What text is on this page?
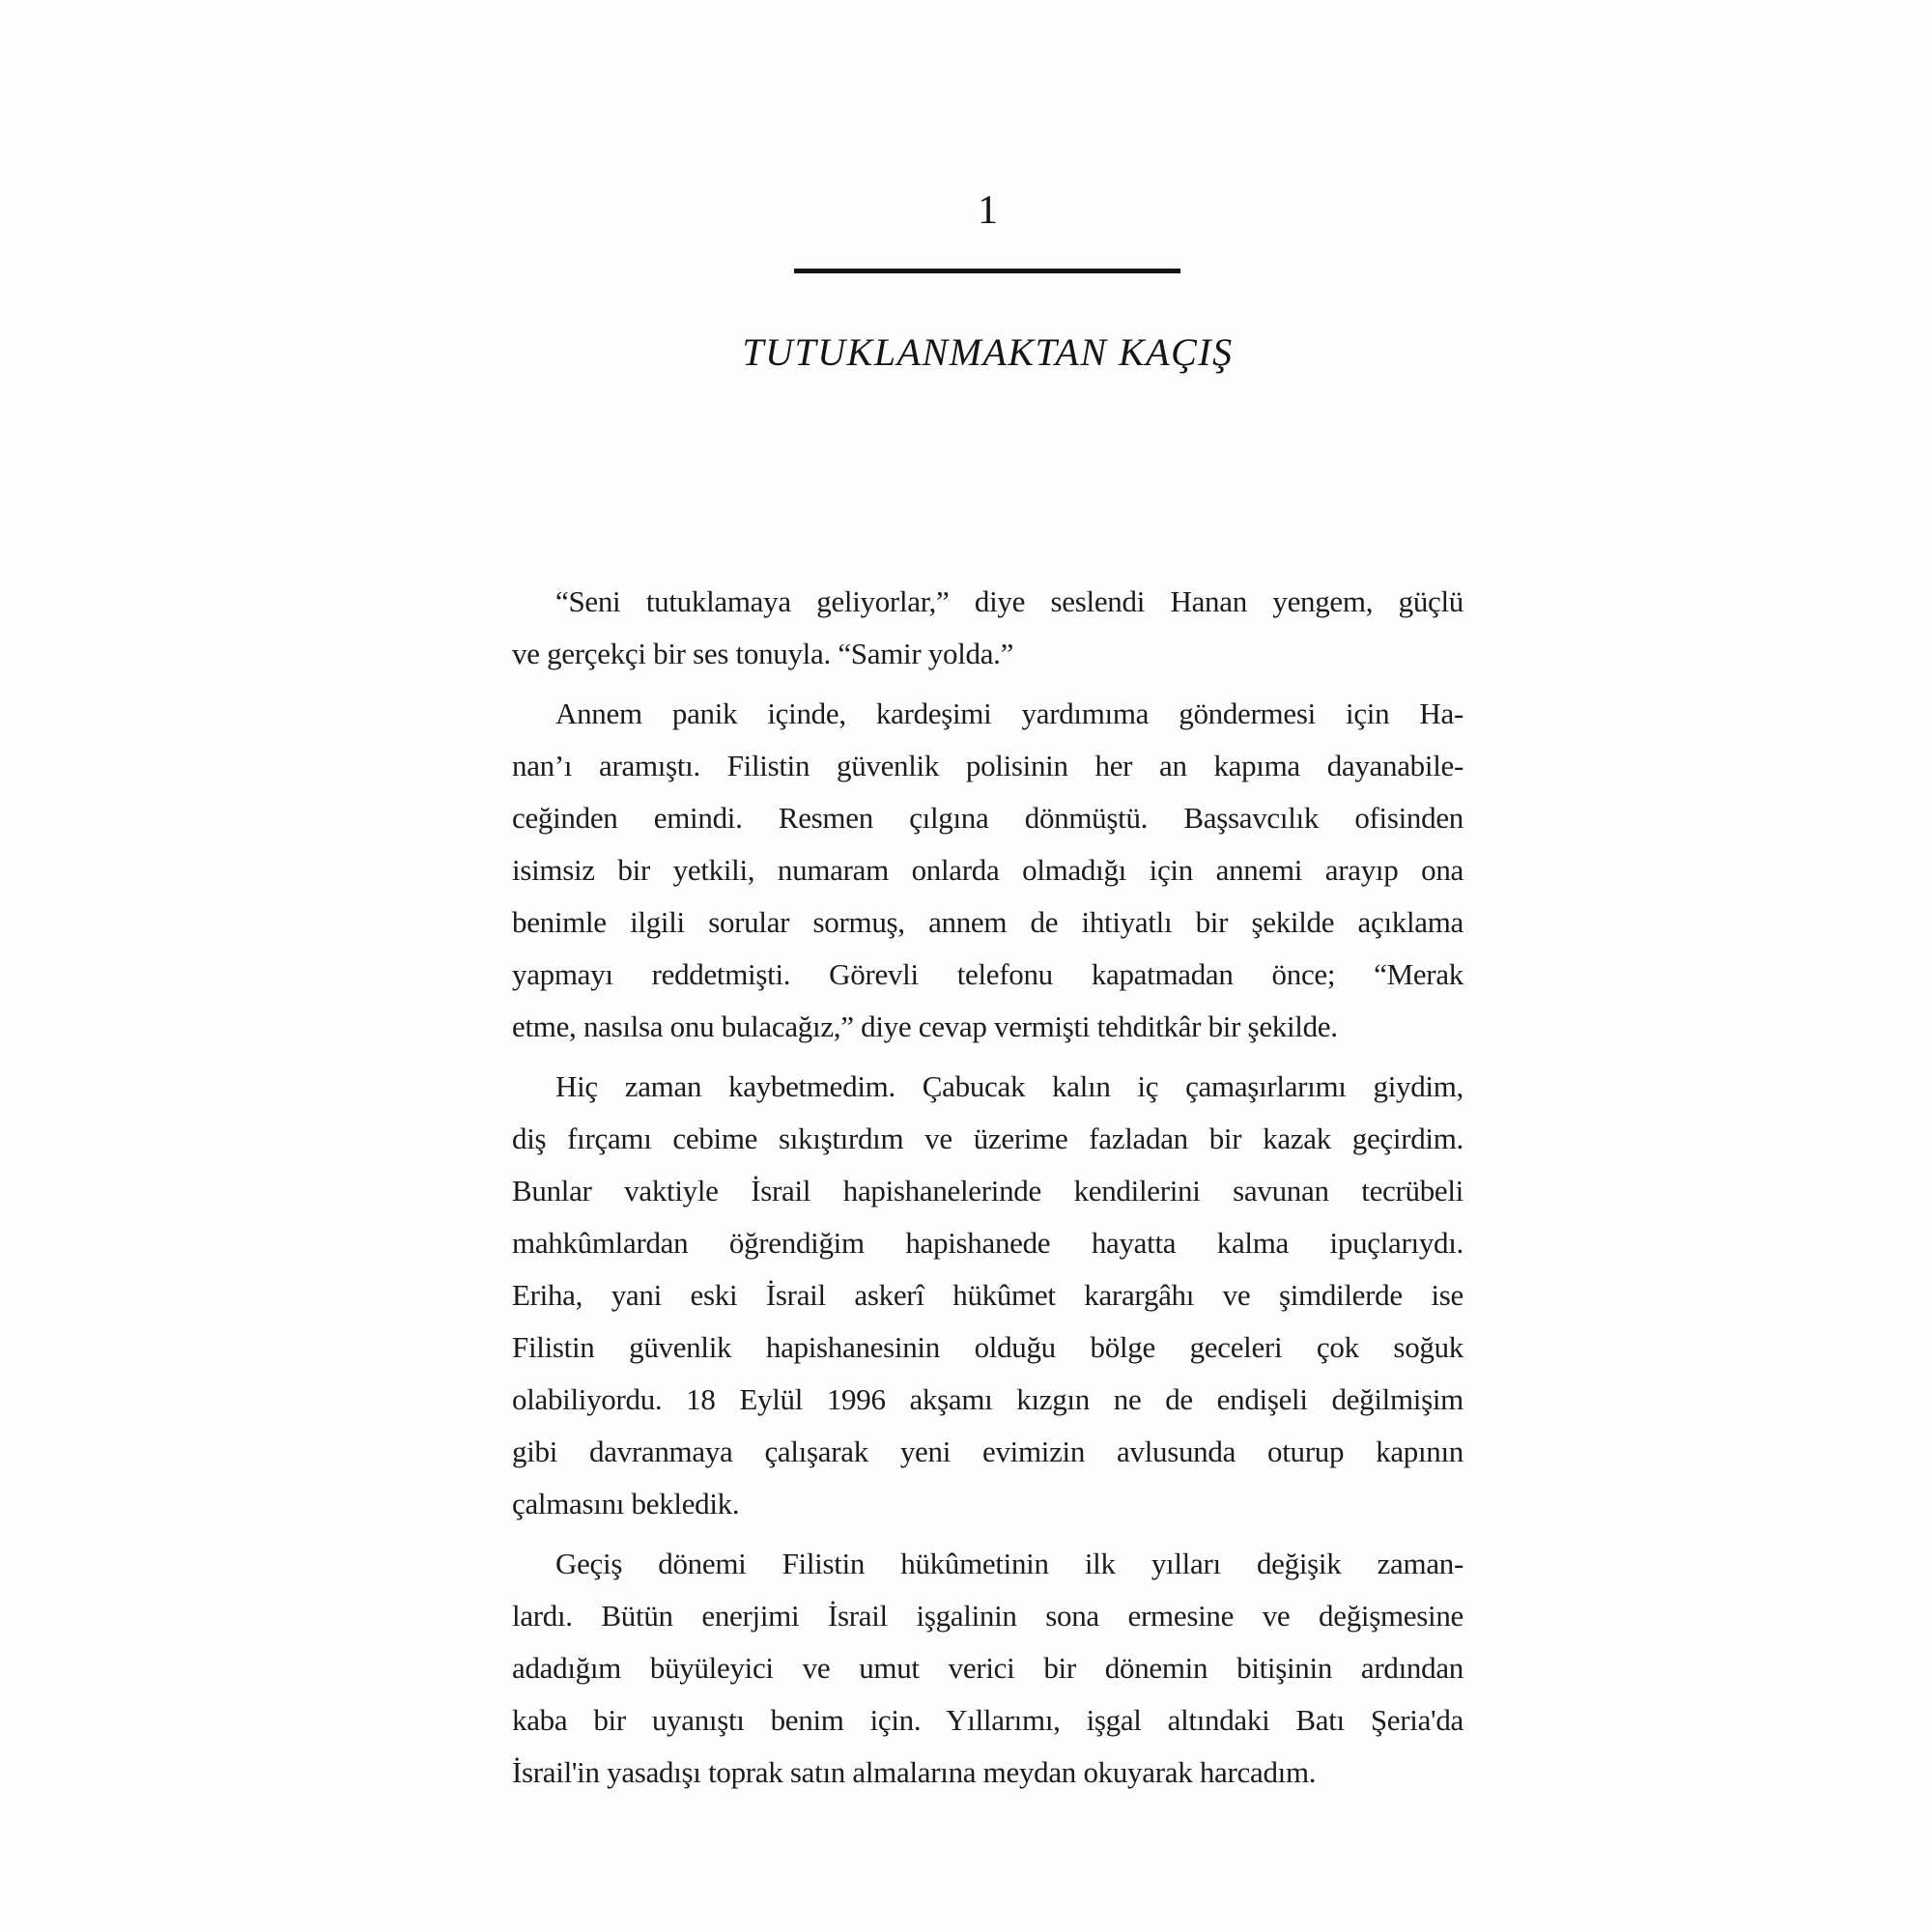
1
TUTUKLANMAKTAN KAÇIŞ
“Seni tutuklamaya geliyorlar,” diye seslendi Hanan yengem, güçlü
ve gerçekçi bir ses tonuyla. “Samir yolda.”
Annem panik içinde, kardeşimi yardımıma göndermesi için Ha-
nan’ı aramıştı. Filistin güvenlik polisinin her an kapıma dayanabile-
ceğinden emindi. Resmen çılgına dönmüştü. Başsavcılık ofisinden
isimsiz bir yetkili, numaram onlarda olmadığı için annemi arayıp ona
benimle ilgili sorular sormuş, annem de ihtiyatlı bir şekilde açıklama
yapmayı reddetmişti. Görevli telefonu kapatmadan önce; “Merak
etme, nasılsa onu bulacağız,” diye cevap vermişti tehditkâr bir şekilde.
Hiç zaman kaybetmedim. Çabucak kalın iç çamaşırlarımı giydim,
diş fırçamı cebime sıkıştırdım ve üzerime fazladan bir kazak geçirdim.
Bunlar vaktiyle İsrail hapishanelerinde kendilerini savunan tecrübeli
mahkûmlardan öğrendiğim hapishanede hayatta kalma ipuçlarıydı.
Eriha, yani eski İsrail askerî hükûmet karargâhı ve şimdilerde ise
Filistin güvenlik hapishanesinin olduğu bölge geceleri çok soğuk
olabiliyordu. 18 Eylül 1996 akşamı kızgın ne de endişeli değilmişim
gibi davranmaya çalışarak yeni evimizin avlusunda oturup kapının
çalmasını bekledik.
Geçiş dönemi Filistin hükûmetinin ilk yılları değişik zaman-
lardı. Bütün enerjimi İsrail işgalinin sona ermesine ve değişmesine
adadığım büyüleyici ve umut verici bir dönemin bitişinin ardından
kaba bir uyanıştı benim için. Yıllarımı, işgal altındaki Batı Şeria'da
İsrail'in yasadışı toprak satın almalarına meydan okuyarak harcadım.
